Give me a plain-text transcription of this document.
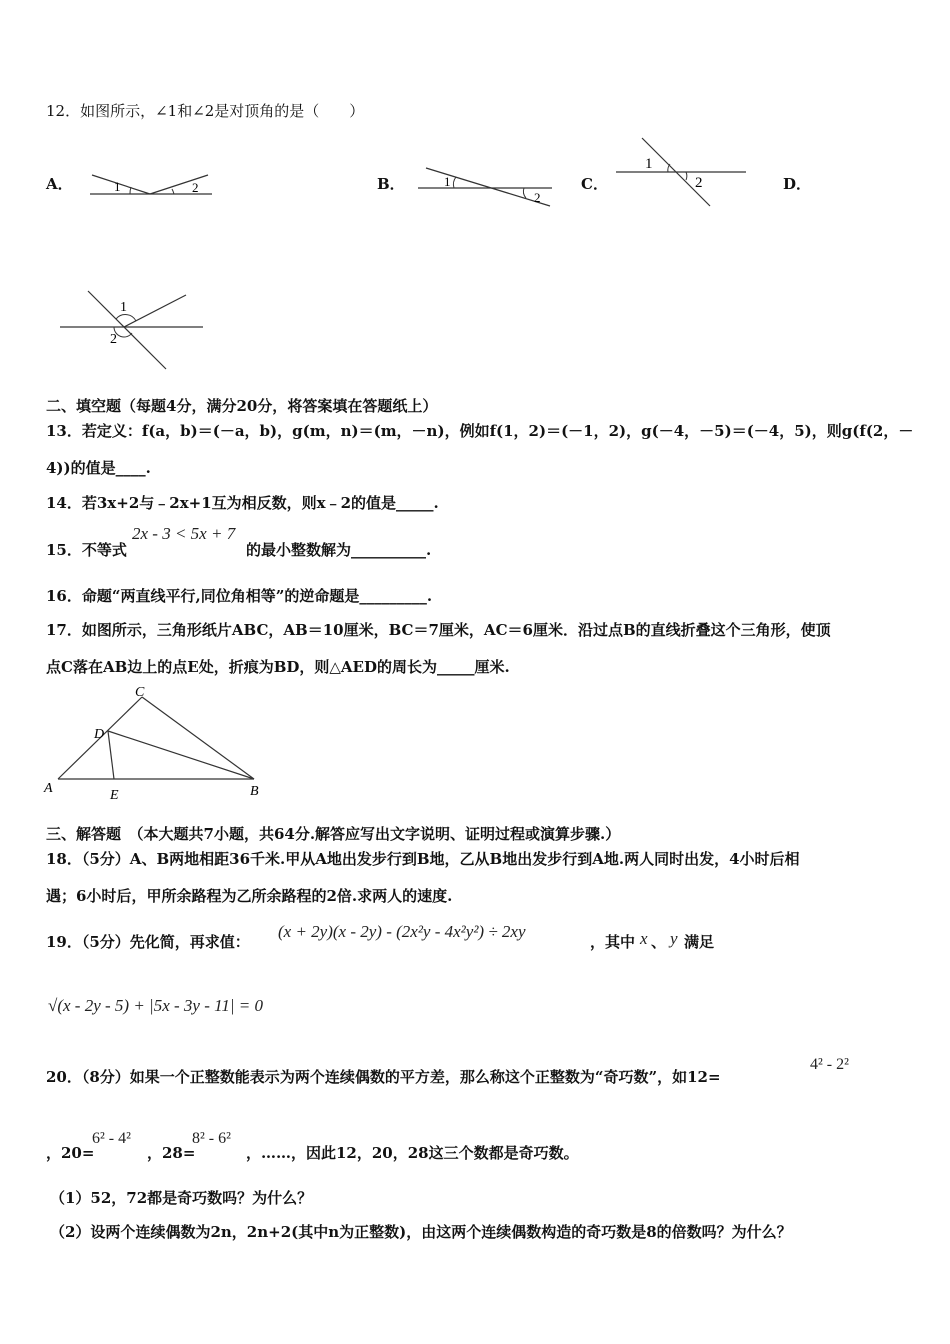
12．如图所示，∠1和∠2是对顶角的是（　　）
A．	1	2	B．	1
2
C．
1
2	D．
1
2
二、填空题（每题4分，满分20分，将答案填在答题纸上）
13．若定义：f(a，b)＝(－a，b)，g(m，n)＝(m，－n)，例如f(1，2)＝(－1，2)，g(－4，－5)＝(－4，5)，则g(f(2，－
4))的值是____.
14．若3x+2与﹣2x+1互为相反数，则x﹣2的值是_____.
15．不等式
2x - 3 < 5x + 7
的最小整数解为__________.
16．命题“两直线平行,同位角相等”的逆命题是_________.
17．如图所示，三角形纸片ABC，AB＝10厘米，BC＝7厘米，AC＝6厘米．沿过点B的直线折叠这个三角形，使顶
点C落在AB边上的点E处，折痕为BD，则△AED的周长为_____厘米.
A	B
C
D
E
三、解答题　（本大题共7小题，共64分.解答应写出文字说明、证明过程或演算步骤.）
18．（5分）A、B两地相距36千米.甲从A地出发步行到B地，乙从B地出发步行到A地.两人同时出发，4小时后相
遇；6小时后，甲所余路程为乙所余路程的2倍.求两人的速度.
19．（5分）先化简，再求值：
(x + 2y)(x - 2y) - (2x²y - 4x²y²) ÷ 2xy
，其中 x 、 y 满足
√(x - 2y - 5) + |5x - 3y - 11| = 0
20．（8分）如果一个正整数能表示为两个连续偶数的平方差，那么称这个正整数为“奇巧数”，如12=
4² - 2²
，20=
6² - 4²
，28=
8² - 6²
，……，因此12，20，28这三个数都是奇巧数。
（1）52，72都是奇巧数吗？为什么？
（2）设两个连续偶数为2n，2n+2(其中n为正整数)，由这两个连续偶数构造的奇巧数是8的倍数吗？为什么？
